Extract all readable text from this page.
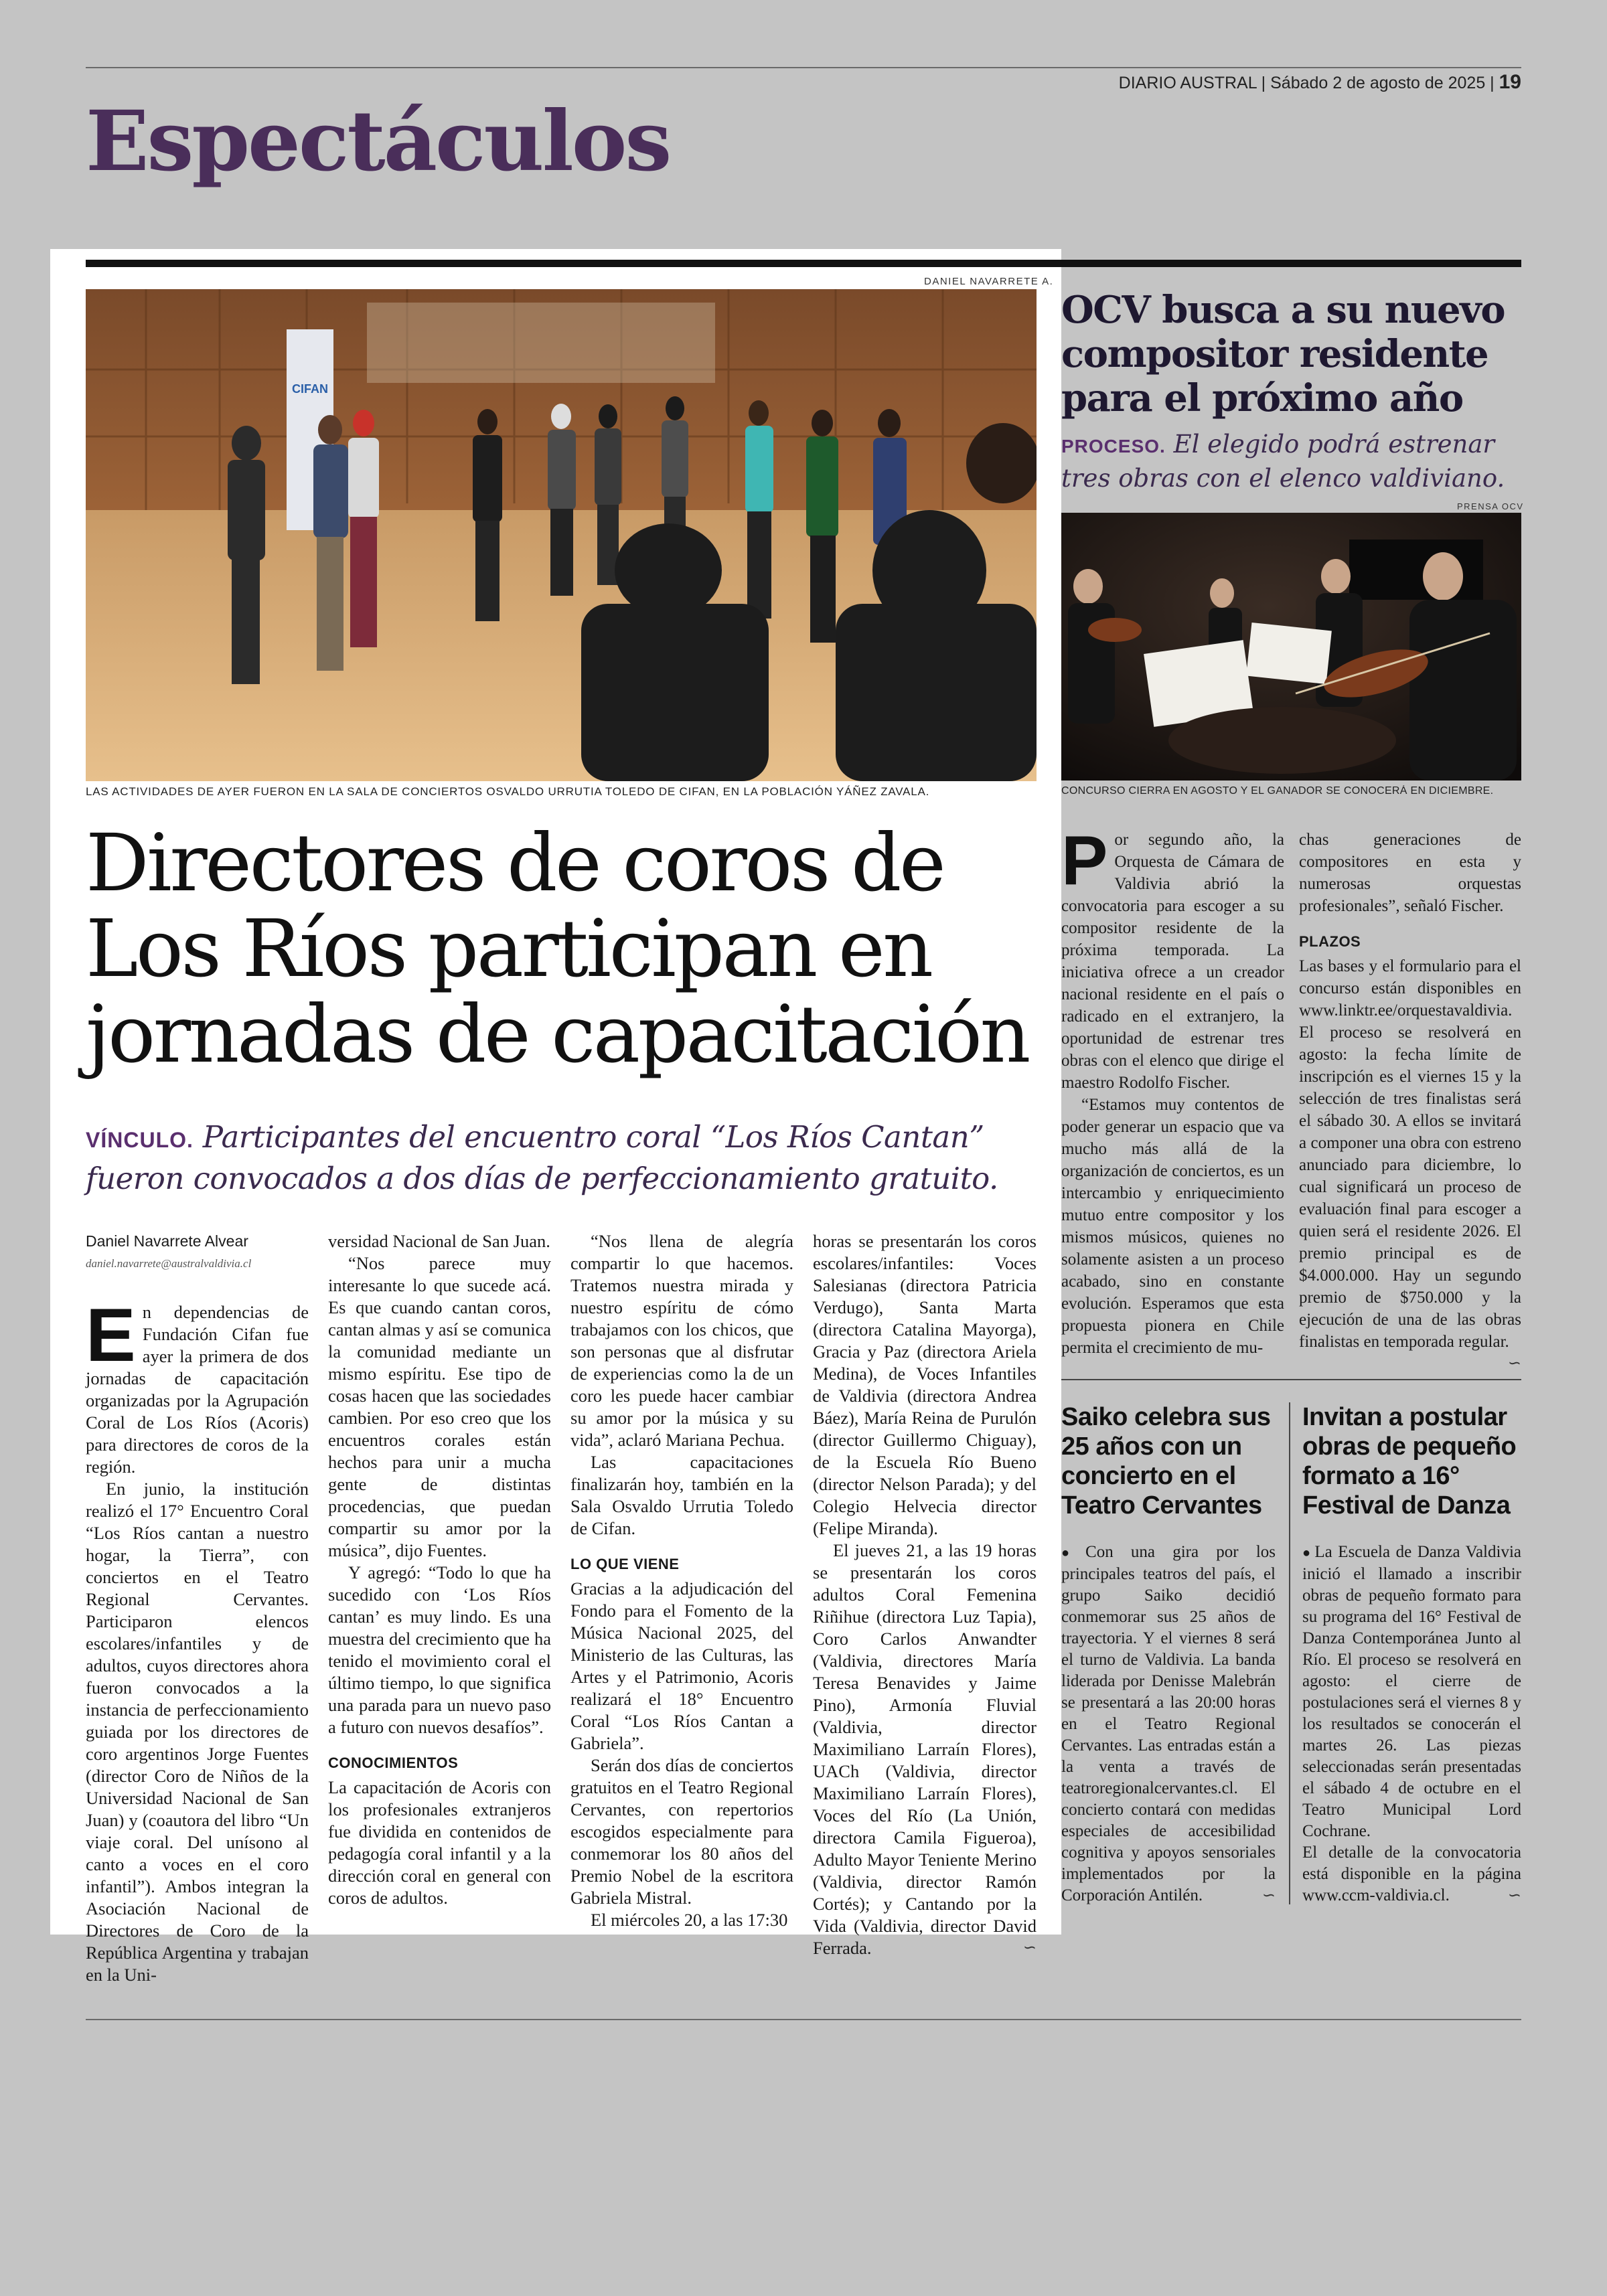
DIARIO AUSTRAL | Sábado 2 de agosto de 2025 | 19
Espectáculos
DANIEL NAVARRETE A.
CIFAN
LAS ACTIVIDADES DE AYER FUERON EN LA SALA DE CONCIERTOS OSVALDO URRUTIA TOLEDO DE CIFAN, EN LA POBLACIÓN YÁÑEZ ZAVALA.
Directores de coros de
Los Ríos participan en
jornadas de capacitación
VÍNCULO. Participantes del encuentro coral “Los Ríos Cantan” fueron convocados a dos días de perfeccionamiento gratuito.

Daniel Navarrete Alvear

daniel.navarrete@australvaldivia.cl

En dependencias de Fundación Cifan fue ayer la primera de dos jornadas de capacitación organizadas por la Agrupación Coral de Los Ríos (Acoris) para directores de coros de la región.

En junio, la institución realizó el 17° Encuentro Coral “Los Ríos cantan a nuestro hogar, la Tierra”, con conciertos en el Teatro Regional Cervantes. Participaron elencos escolares/infantiles y de adultos, cuyos directores ahora fueron convocados a la instancia de perfeccionamiento guiada por los directores de coro argentinos Jorge Fuentes (director Coro de Niños de la Universidad Nacional de San Juan) y (coautora del libro “Un viaje coral. Del unísono al canto a voces en el coro infantil”). Ambos integran la Asociación Nacional de Directores de Coro de la República Argentina y trabajan en la Uni-

versidad Nacional de San Juan.

“Nos parece muy interesante lo que sucede acá. Es que cuando cantan coros, cantan almas y así se comunica la comunidad mediante un mismo espíritu. Ese tipo de cosas hacen que las sociedades cambien. Por eso creo que los encuentros corales están hechos para unir a mucha gente de distintas procedencias, que puedan compartir su amor por la música”, dijo Fuentes.

Y agregó: “Todo lo que ha sucedido con ‘Los Ríos cantan’ es muy lindo. Es una muestra del crecimiento que ha tenido el movimiento coral el último tiempo, lo que significa una parada para un nuevo paso a futuro con nuevos desafíos”.

CONOCIMIENTOS

La capacitación de Acoris con los profesionales extranjeros fue dividida en contenidos de pedagogía coral infantil y a la dirección coral en general con coros de adultos.

“Nos llena de alegría compartir lo que hacemos. Tratemos nuestra mirada y nuestro espíritu de cómo trabajamos con los chicos, que son personas que al disfrutar de experiencias como la de un coro les puede hacer cambiar su amor por la música y su vida”, aclaró Mariana Pechua.

Las capacitaciones finalizarán hoy, también en la Sala Osvaldo Urrutia Toledo de Cifan.

LO QUE VIENE

Gracias a la adjudicación del Fondo para el Fomento de la Música Nacional 2025, del Ministerio de las Culturas, las Artes y el Patrimonio, Acoris realizará el 18° Encuentro Coral “Los Ríos Cantan a Gabriela”.

Serán dos días de conciertos gratuitos en el Teatro Regional Cervantes, con repertorios escogidos especialmente para conmemorar los 80 años del Premio Nobel de la escritora Gabriela Mistral.

El miércoles 20, a las 17:30

horas se presentarán los coros escolares/infantiles: Voces Salesianas (directora Patricia Verdugo), Santa Marta (directora Catalina Mayorga), Gracia y Paz (directora Ariela Medina), de Voces Infantiles de Valdivia (directora Andrea Báez), María Reina de Purulón (director Guillermo Chiguay), de la Escuela Río Bueno (director Nelson Parada); y del Colegio Helvecia director (Felipe Miranda).

El jueves 21, a las 19 horas se presentarán los coros adultos Coral Femenina Riñihue (directora Luz Tapia), Coro Carlos Anwandter (Valdivia, directores María Teresa Benavides y Jaime Pino), Armonía Fluvial (Valdivia, director Maximiliano Larraín Flores), UACh (Valdivia, director Maximiliano Larraín Flores), Voces del Río (La Unión, directora Camila Figueroa), Adulto Mayor Teniente Merino (Valdivia, director Ramón Cortés); y Cantando por la Vida (Valdivia, director David Ferrada.	∽

OCV busca a su nuevo compositor residente para el próximo año
PROCESO. El elegido podrá estrenar tres obras con el elenco valdiviano.
PRENSA OCV
CONCURSO CIERRA EN AGOSTO Y EL GANADOR SE CONOCERÁ EN DICIEMBRE.

Por segundo año, la Orquesta de Cámara de Valdivia abrió la convocatoria para escoger a su compositor residente de la próxima temporada. La iniciativa ofrece a un creador nacional residente en el país o radicado en el extranjero, la oportunidad de estrenar tres obras con el elenco que dirige el maestro Rodolfo Fischer.

“Estamos muy contentos de poder generar un espacio que va mucho más allá de la organización de conciertos, es un intercambio y enriquecimiento mutuo entre compositor y los mismos músicos, quienes no solamente asisten a un proceso acabado, sino en constante evolución. Esperamos que esta propuesta pionera en Chile permita el crecimiento de mu-

chas generaciones de compositores en esta y numerosas orquestas profesionales”, señaló Fischer.

PLAZOS

Las bases y el formulario para el concurso están disponibles en www.linktr.ee/orquestavaldivia. El proceso se resolverá en agosto: la fecha límite de inscripción es el viernes 15 y la selección de tres finalistas será el sábado 30. A ellos se invitará a componer una obra con estreno anunciado para diciembre, lo cual significará un proceso de evaluación final para escoger a quien será el residente 2026. El premio principal es de $4.000.000. Hay un segundo premio de $750.000 y la ejecución de una de las obras finalistas en temporada regular.
∽

Saiko celebra sus 25 años con un concierto en el Teatro Cervantes

● Con una gira por los principales teatros del país, el grupo Saiko decidió conmemorar sus 25 años de trayectoria. Y el viernes 8 será el turno de Valdivia. La banda liderada por Denisse Malebrán se presentará a las 20:00 horas en el Teatro Regional Cervantes. Las entradas están a la venta a través de teatroregionalcervantes.cl. El concierto contará con medidas especiales de accesibilidad cognitiva y apoyos sensoriales implementados por la Corporación Antilén.	∽

Invitan a postular obras de pequeño formato a 16° Festival de Danza

● La Escuela de Danza Valdivia inició el llamado a inscribir obras de pequeño formato para su programa del 16° Festival de Danza Contemporánea Junto al Río. El proceso se resolverá en agosto: el cierre de postulaciones será el viernes 8 y los resultados se conocerán el martes 26. Las piezas seleccionadas serán presentadas el sábado 4 de octubre en el Teatro Municipal Lord Cochrane.

El detalle de la convocatoria está disponible en la página www.ccm-valdivia.cl.	∽
